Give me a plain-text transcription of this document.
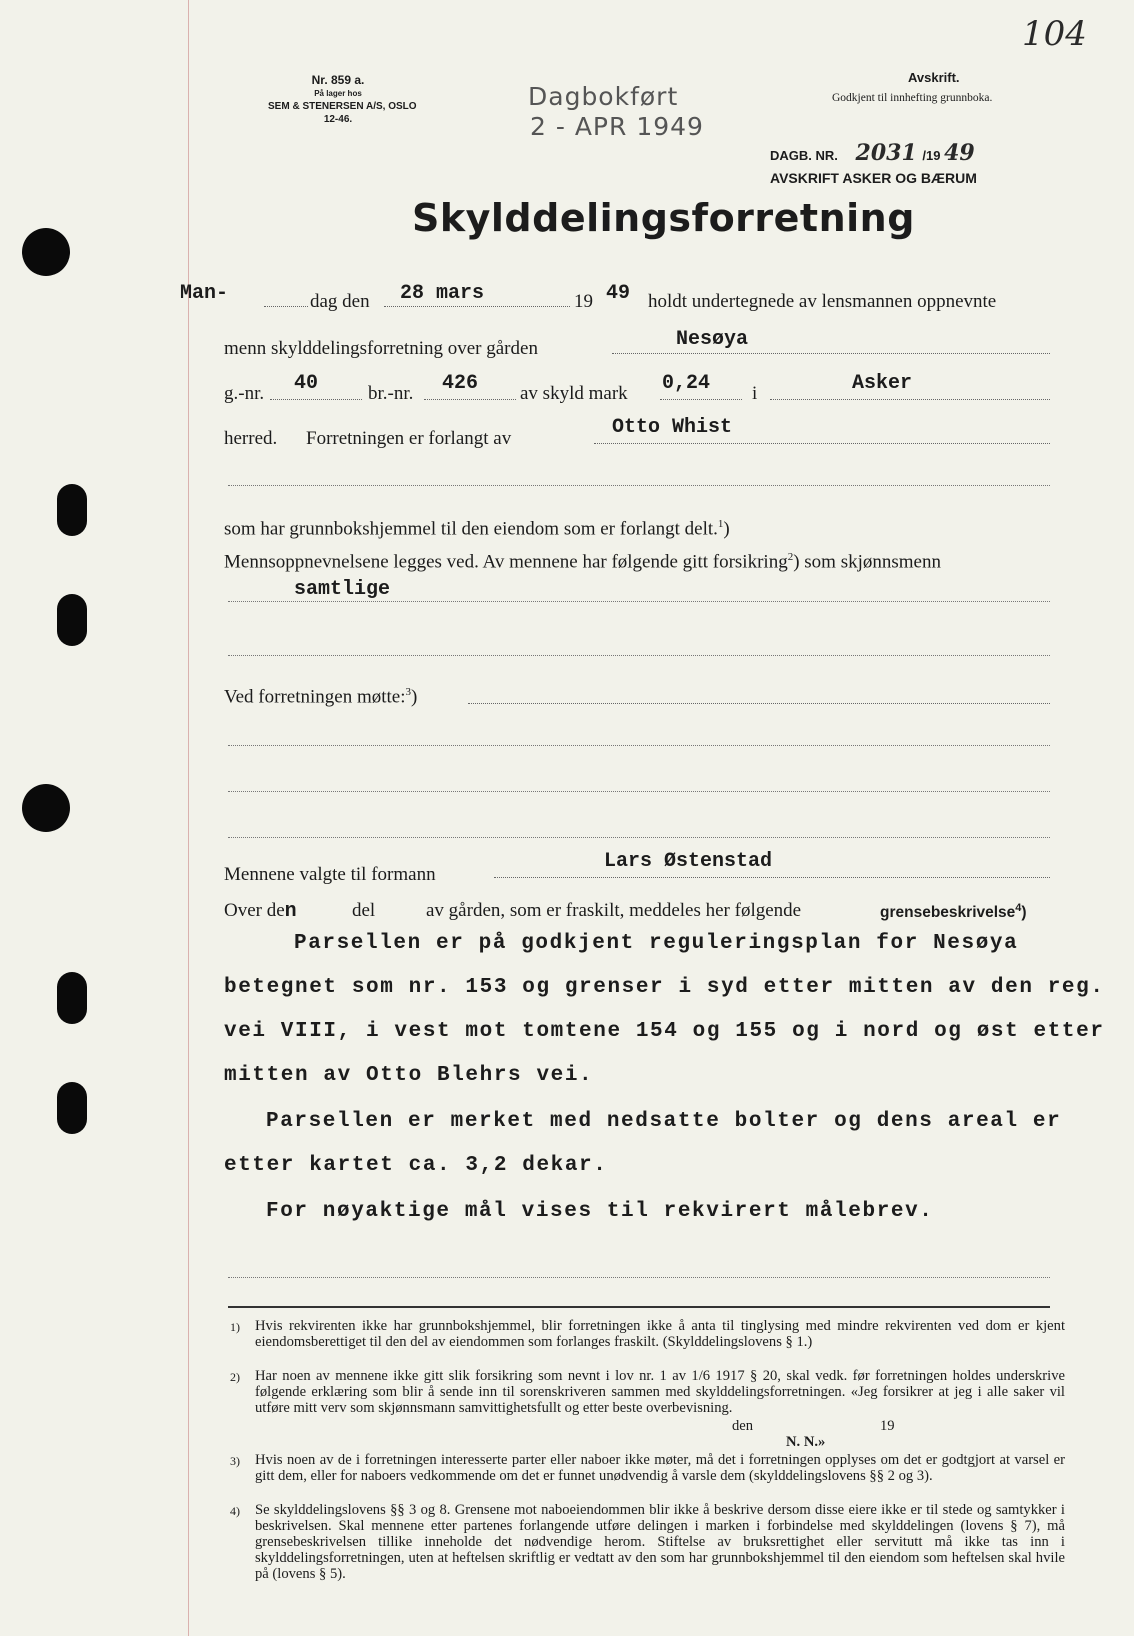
104
Nr. 859 a.
På lager hos
SEM & STENERSEN A/S, OSLO
12-46.
Dagbokført
2 - APR 1949
Avskrift.
Godkjent til innhefting grunnboka.
DAGB. NR. 2031 /19 49
AVSKRIFT ASKER OG BÆRUM
Skylddelingsforretning
Man-	dag den 28 mars	19 49 holdt undertegnede av lensmannen oppnevnte
menn skylddelingsforretning over gården	Nesøya
g.-nr. 40	br.-nr. 426 av skyld mark 0,24 i	Asker
herred. Forretningen er forlangt av	Otto Whist
som har grunnbokshjemmel til den eiendom som er forlangt delt.$^1$)
Mennsoppnevnelsene legges ved. Av mennene har følgende gitt forsikring$^2$) som skjønnsmenn
samtlige
Ved forretningen møtte:$^3$)
Mennene valgte til formann
Lars Østenstad
Over den	del	av gården, som er fraskilt, meddeles her følgende	grensebeskrivelse$^4$)
Parsellen er på godkjent reguleringsplan for Nesøya
betegnet som nr. 153 og grenser i syd etter mitten av den reg.
vei VIII, i vest mot tomtene 154 og 155 og i nord og øst etter
mitten av Otto Blehrs vei.
Parsellen er merket med nedsatte bolter og dens areal er
etter kartet ca. 3,2 dekar.
For nøyaktige mål vises til rekvirert målebrev.
1) Hvis rekvirenten ikke har grunnbokshjemmel, blir forretningen ikke å anta til tinglysing med mindre rekvirenten ved dom er kjent eiendomsberettiget til den del av eiendommen som forlanges fraskilt. (Skylddelingslovens § 1.)
2) Har noen av mennene ikke gitt slik forsikring som nevnt i lov nr. 1 av 1/6 1917 § 20, skal vedk. før forretningen holdes underskrive følgende erklæring som blir å sende inn til sorenskriveren sammen med skylddelingsforretningen. «Jeg forsikrer at jeg i alle saker vil utføre mitt verv som skjønnsmann samvittighetsfullt og etter beste overbevisning.
den	19
N. N.»
3) Hvis noen av de i forretningen interesserte parter eller naboer ikke møter, må det i forretningen opplyses om det er godtgjort at varsel er gitt dem, eller for naboers vedkommende om det er funnet unødvendig å varsle dem (skylddelingslovens §§ 2 og 3).
4) Se skylddelingslovens §§ 3 og 8. Grensene mot naboeiendommen blir ikke å beskrive dersom disse eiere ikke er til stede og samtykker i beskrivelsen. Skal mennene etter partenes forlangende utføre delingen i marken i forbindelse med skylddelingen (lovens § 7), må grensebeskrivelsen tillike inneholde det nødvendige herom. Stiftelse av bruksrettighet eller servitutt må ikke tas inn i skylddelingsforretningen, uten at heftelsen skriftlig er vedtatt av den som har grunnbokshjemmel til den eiendom som heftelsen skal hvile på (lovens § 5).
